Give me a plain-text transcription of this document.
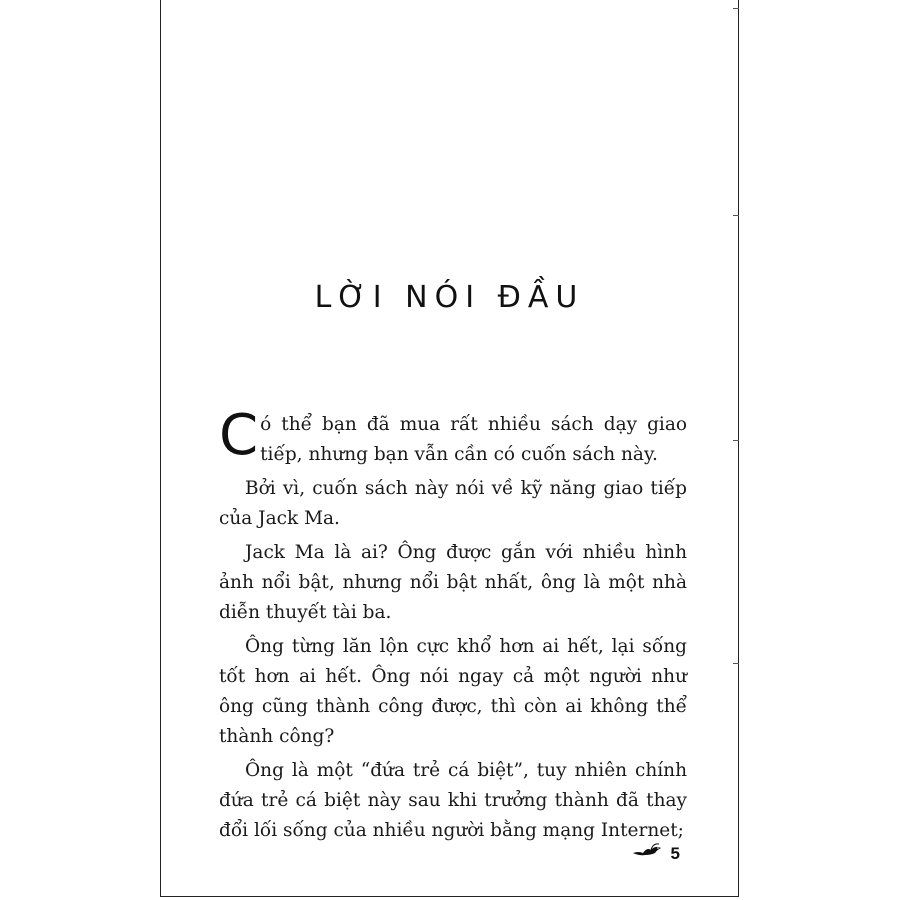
LỜI NÓI ĐẦU

Có thể bạn đã mua rất nhiều sách dạy giao tiếp, nhưng bạn vẫn cần có cuốn sách này.

Bởi vì, cuốn sách này nói về kỹ năng giao tiếp của Jack Ma.

Jack Ma là ai? Ông được gắn với nhiều hình ảnh nổi bật, nhưng nổi bật nhất, ông là một nhà diễn thuyết tài ba.

Ông từng lăn lộn cực khổ hơn ai hết, lại sống tốt hơn ai hết. Ông nói ngay cả một người như ông cũng thành công được, thì còn ai không thể thành công?

Ông là một “đứa trẻ cá biệt”, tuy nhiên chính đứa trẻ cá biệt này sau khi trưởng thành đã thay đổi lối sống của nhiều người bằng mạng Internet;

5
